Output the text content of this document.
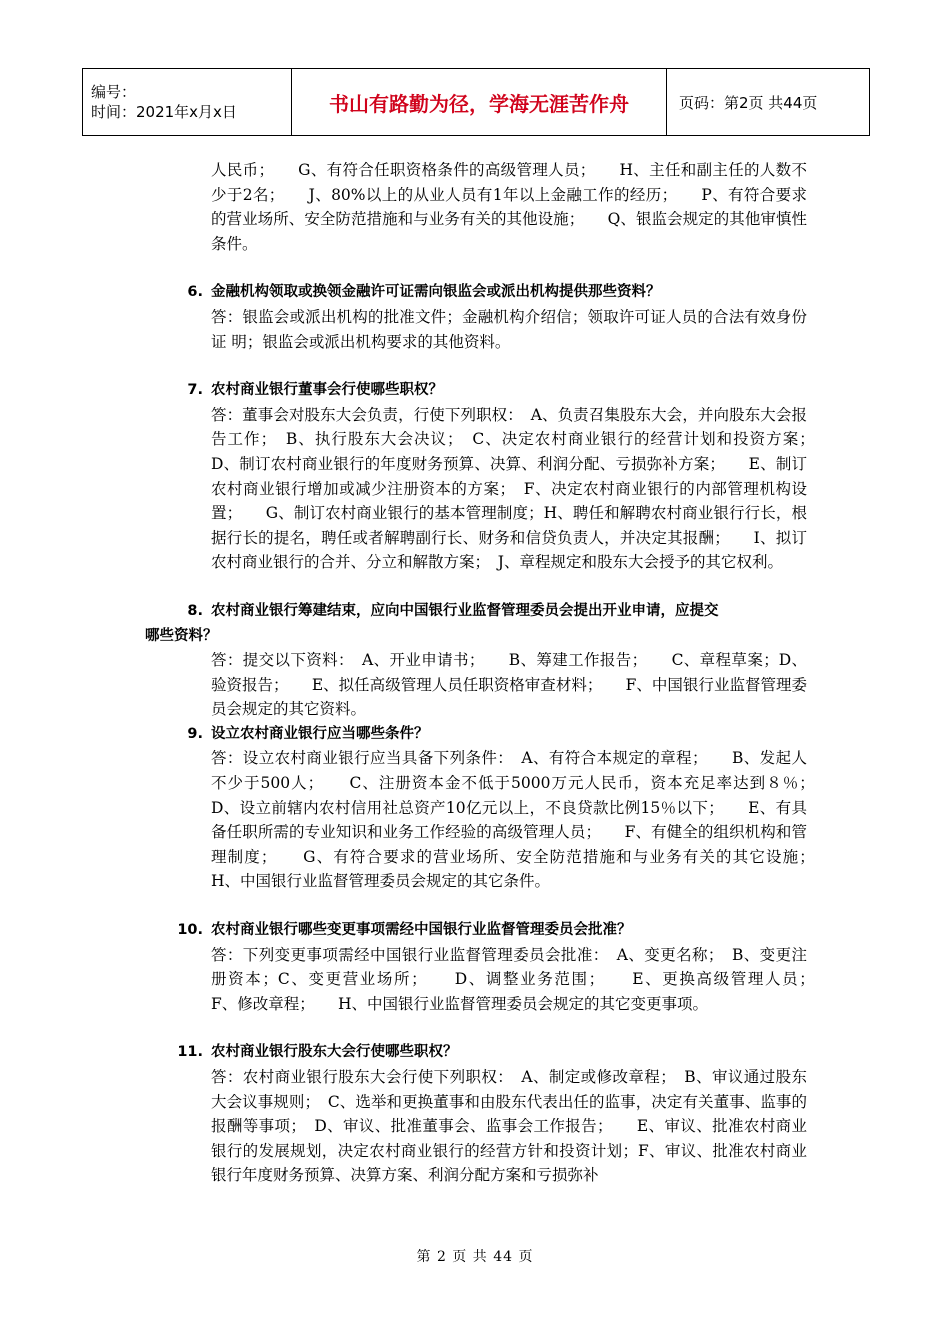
编号：
时间：2021年x月x日	书山有路勤为径，学海无涯苦作舟	页码：第2页 共44页
人民币；　　G、有符合任职资格条件的高级管理人员；　　H、主任和副主任的人数不少于2名；　　J、80%以上的从业人员有1年以上金融工作的经历；　　P、有符合要求的营业场所、安全防范措施和与业务有关的其他设施；　　Q、银监会规定的其他审慎性条件。
6. 金融机构领取或换领金融许可证需向银监会或派出机构提供那些资料？
答：银监会或派出机构的批准文件；金融机构介绍信；领取许可证人员的合法有效身份证 明；银监会或派出机构要求的其他资料。
7. 农村商业银行董事会行使哪些职权？
答：董事会对股东大会负责，行使下列职权：　A、负责召集股东大会，并向股东大会报告工作；　B、执行股东大会决议；　C、决定农村商业银行的经营计划和投资方案；　　D、制订农村商业银行的年度财务预算、决算、利润分配、亏损弥补方案；　　E、制订农村商业银行增加或减少注册资本的方案；　F、决定农村商业银行的内部管理机构设置；　　G、制订农村商业银行的基本管理制度；H、聘任和解聘农村商业银行行长，根据行长的提名，聘任或者解聘副行长、财务和信贷负责人，并决定其报酬；　　I、拟订农村商业银行的合并、分立和解散方案；　J、章程规定和股东大会授予的其它权利。
8. 农村商业银行筹建结束，应向中国银行业监督管理委员会提出开业申请，应提交
哪些资料？
答：提交以下资料：　A、开业申请书；　　B、筹建工作报告；　　C、章程草案；D、验资报告；　　E、拟任高级管理人员任职资格审查材料；　　F、中国银行业监督管理委员会规定的其它资料。
9. 设立农村商业银行应当哪些条件？
答：设立农村商业银行应当具备下列条件：　A、有符合本规定的章程；　　B、发起人不少于500人；　　C、注册资本金不低于5000万元人民币，资本充足率达到８％；　D、设立前辖内农村信用社总资产10亿元以上，不良贷款比例15％以下；　　E、有具备任职所需的专业知识和业务工作经验的高级管理人员；　　F、有健全的组织机构和管理制度；　　G、有符合要求的营业场所、安全防范措施和与业务有关的其它设施；　H、中国银行业监督管理委员会规定的其它条件。
10. 农村商业银行哪些变更事项需经中国银行业监督管理委员会批准？
答：下列变更事项需经中国银行业监督管理委员会批准：　A、变更名称；　B、变更注册资本；C、变更营业场所；　　D、调整业务范围；　　E、更换高级管理人员；　　F、修改章程；　　H、中国银行业监督管理委员会规定的其它变更事项。
11. 农村商业银行股东大会行使哪些职权？
答：农村商业银行股东大会行使下列职权：　A、制定或修改章程；　B、审议通过股东大会议事规则；　C、选举和更换董事和由股东代表出任的监事，决定有关董事、监事的报酬等事项；　D、审议、批准董事会、监事会工作报告；　　E、审议、批准农村商业银行的发展规划，决定农村商业银行的经营方针和投资计划；F、审议、批准农村商业银行年度财务预算、决算方案、利润分配方案和亏损弥补
第 2 页 共 44 页
